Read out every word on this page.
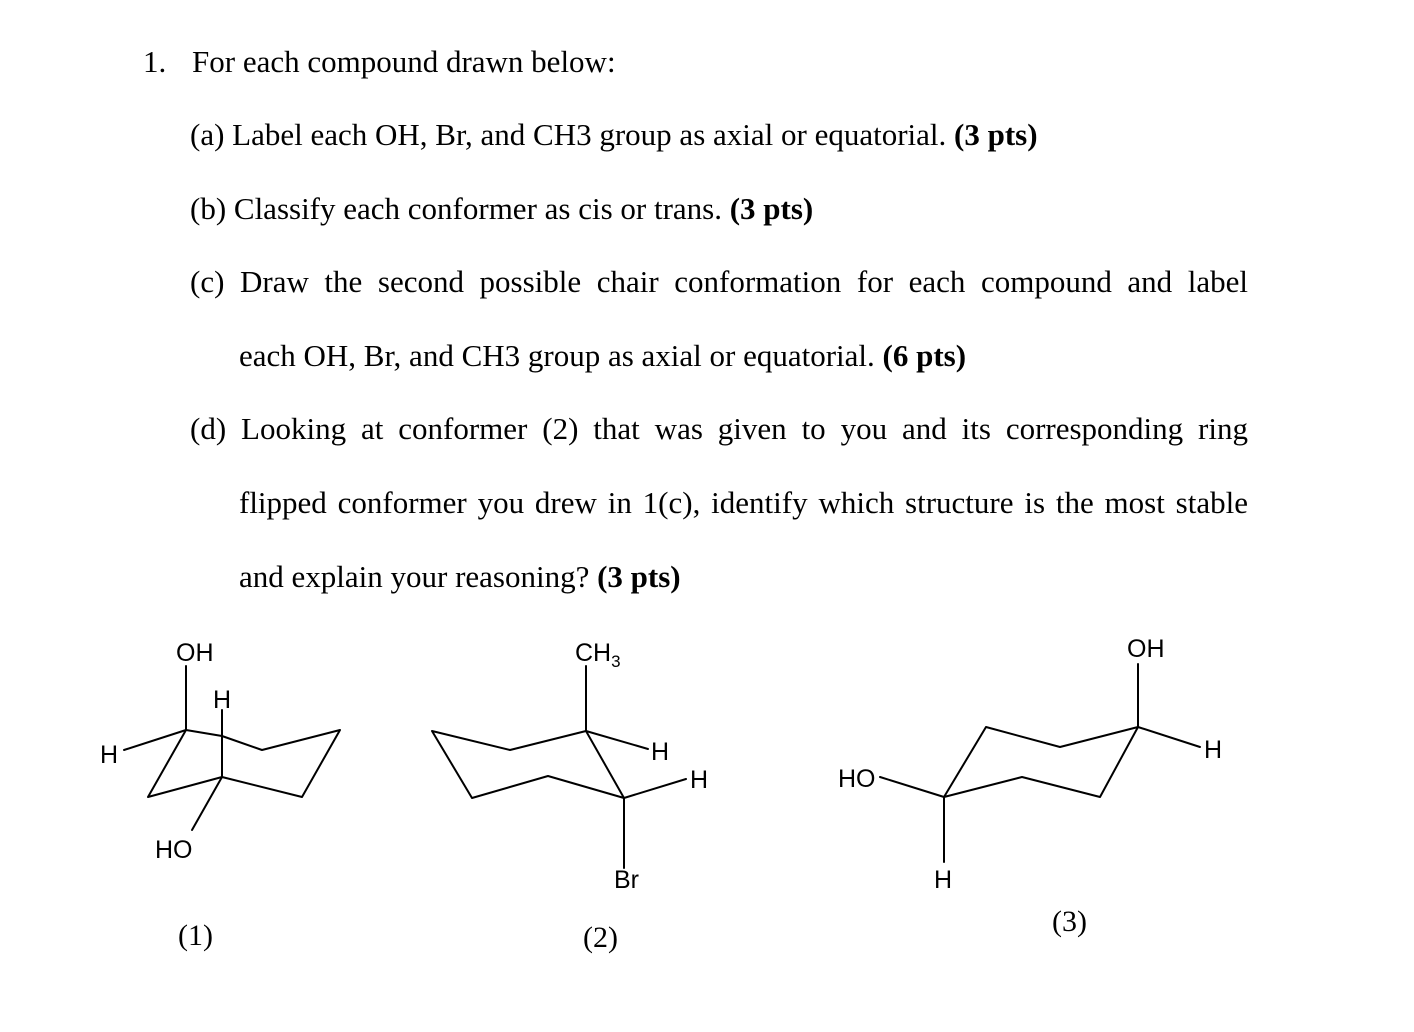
1. For each compound drawn below:
(a) Label each OH, Br, and CH3 group as axial or equatorial. (3 pts)
(b) Classify each conformer as cis or trans. (3 pts)
(c) Draw the second possible chair conformation for each compound and label
each OH, Br, and CH3 group as axial or equatorial. (6 pts)
(d) Looking at conformer (2) that was given to you and its corresponding ring
flipped conformer you drew in 1(c), identify which structure is the most stable
and explain your reasoning? (3 pts)
OH
H
H
HO
(1)
$CH_3$
H
H
Br
(2)
OH
H
HO
H
(3)
